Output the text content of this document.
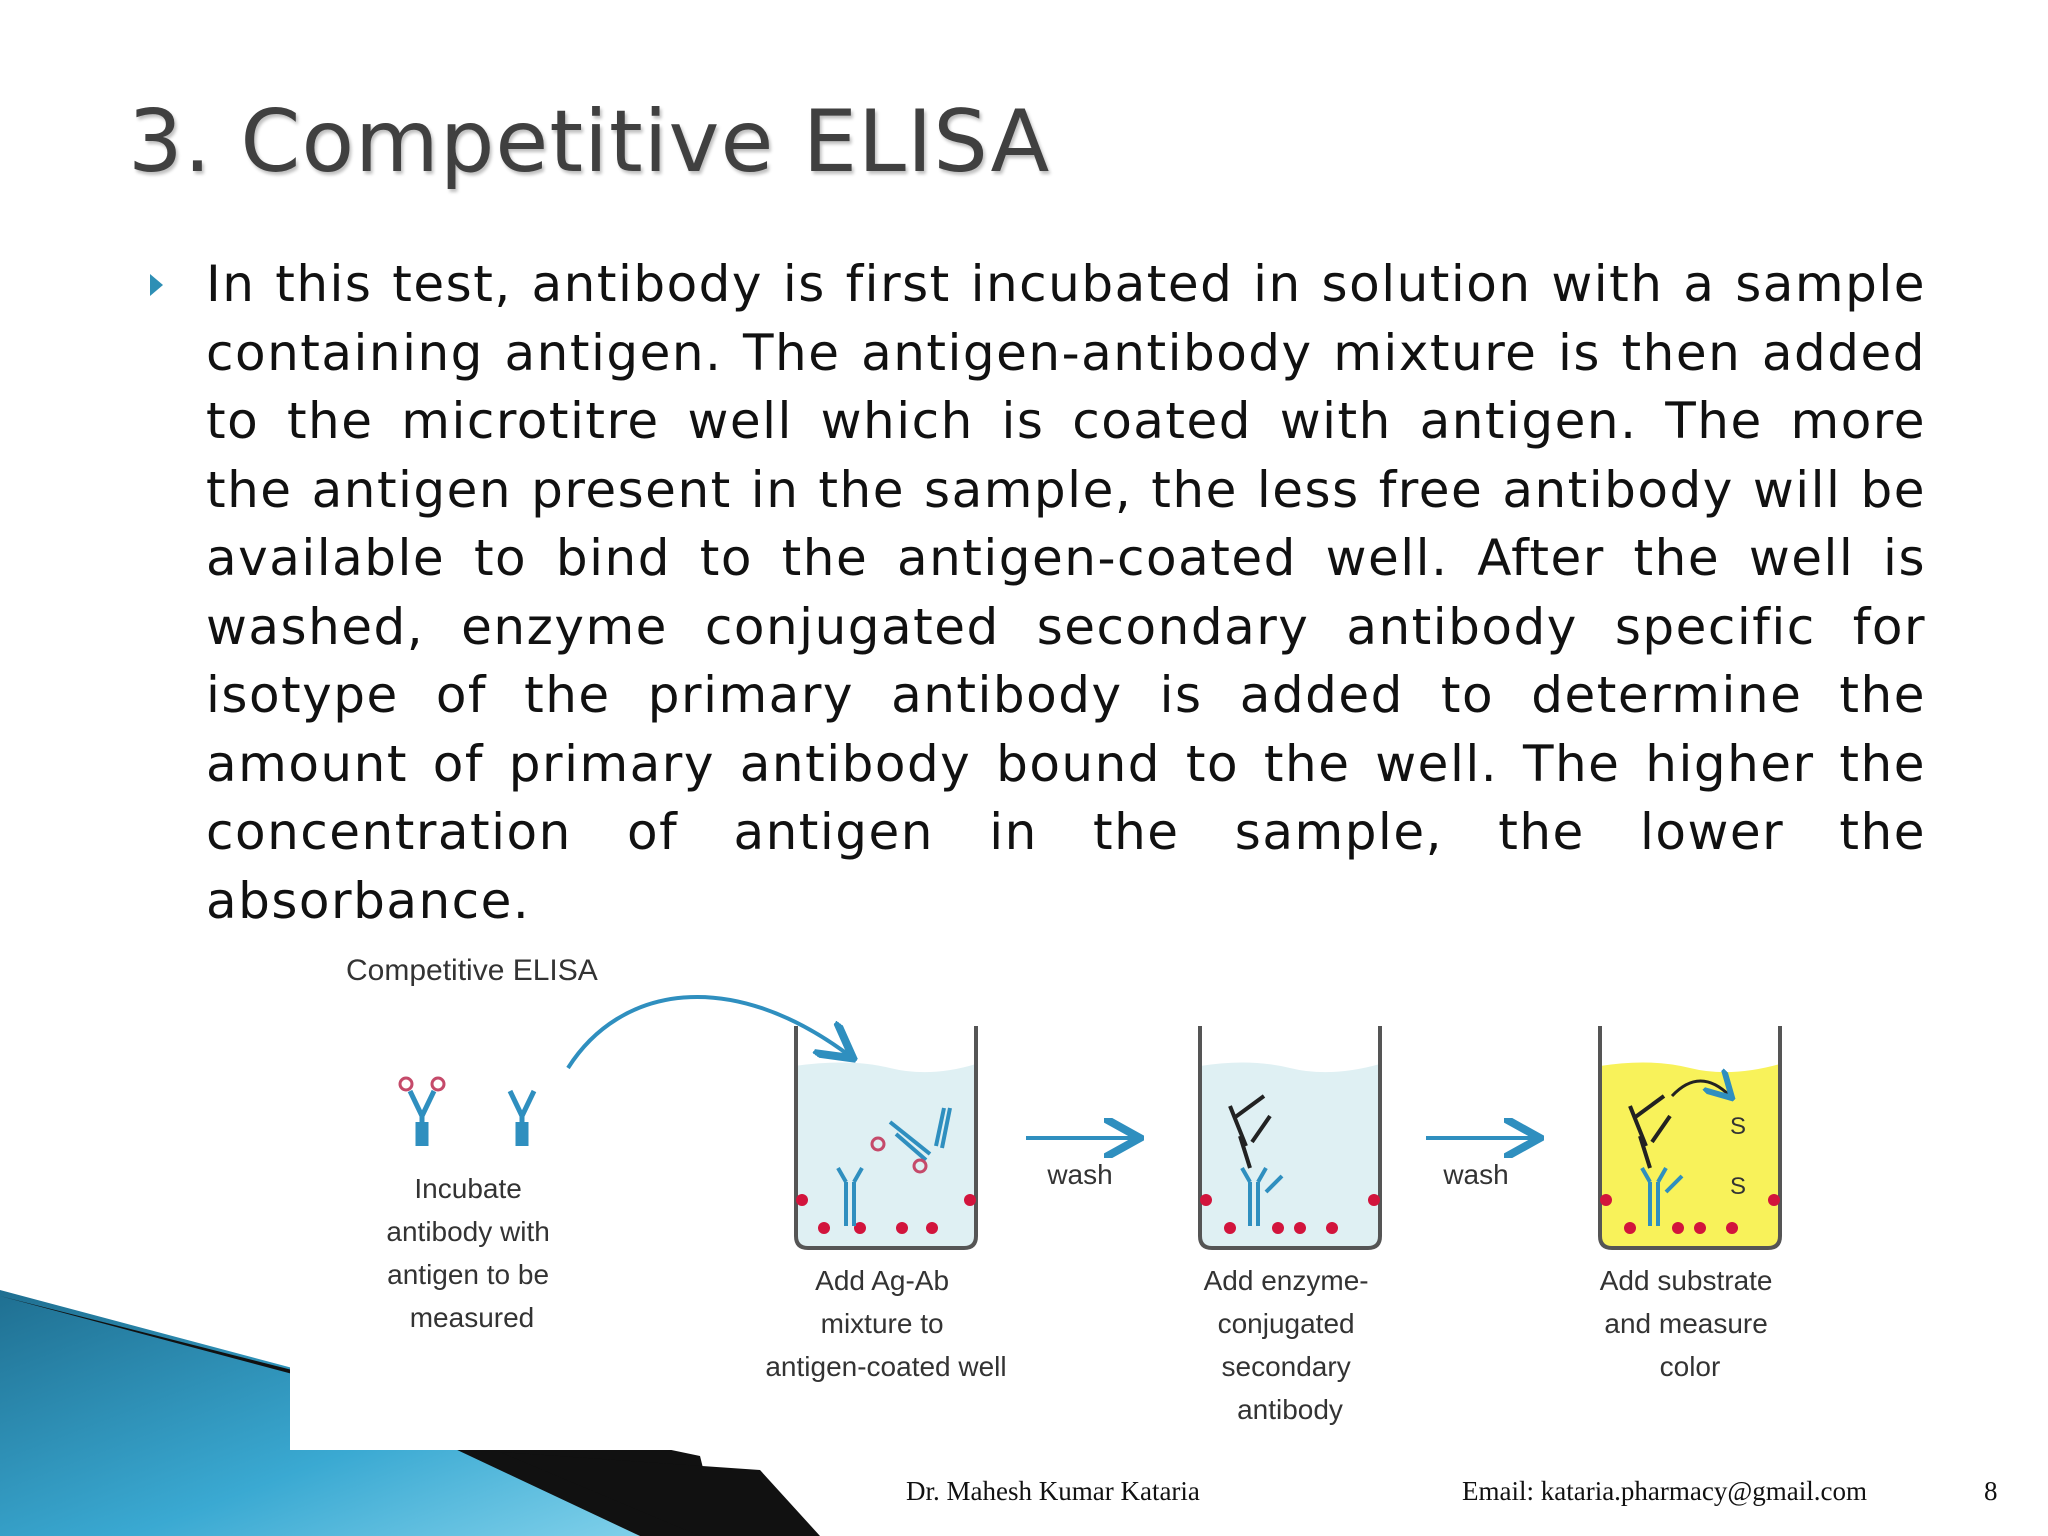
3. Competitive ELISA

In this test, antibody is first incubated in solution with a sample containing antigen. The antigen-antibody mixture is then added to the microtitre well which is coated with antigen. The more the antigen present in the sample, the less free antibody will be available to bind to the antigen-coated well. After the well is washed, enzyme conjugated secondary antibody specific for isotype of the primary antibody is added to determine the amount of primary antibody bound to the well. The higher the concentration of antigen in the sample, the lower the absorbance.

Competitive ELISA
Incubate antibody with antigen to be measured
Add Ag-Ab mixture to antigen-coated well
wash
Add enzyme- conjugated secondary antibody
wash
S
S
Add substrate and measure color
Dr. Mahesh Kumar Kataria	Email: kataria.pharmacy@gmail.com	8
